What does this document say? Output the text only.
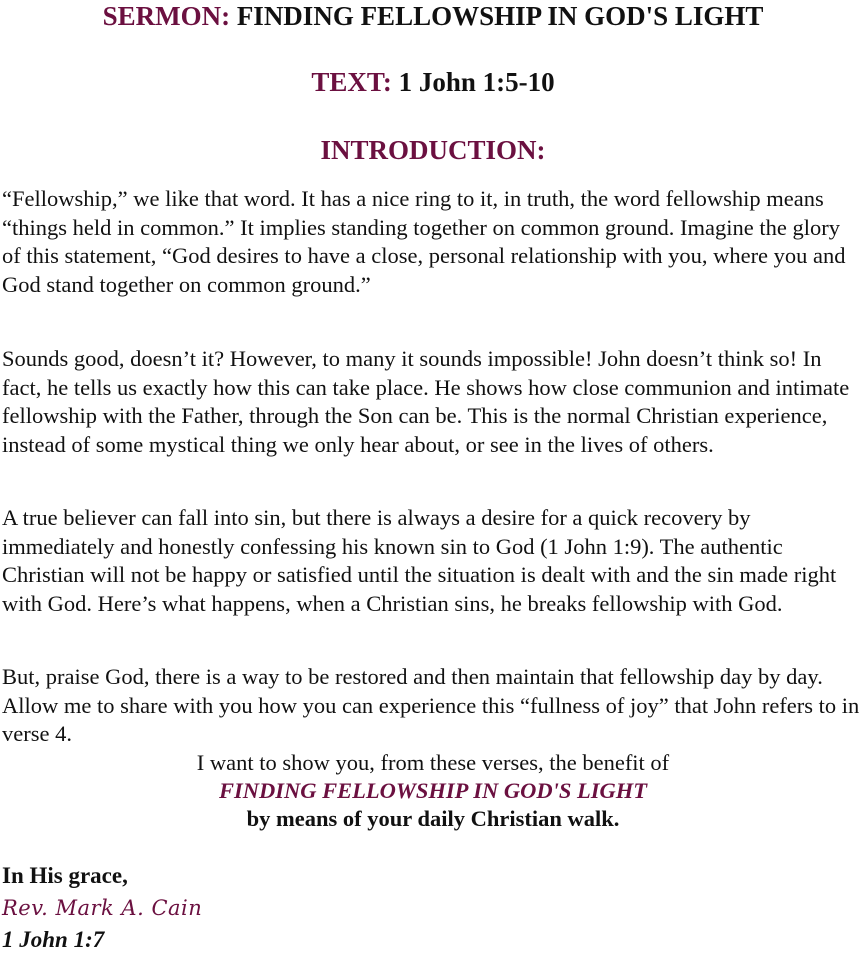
SERMON: FINDING FELLOWSHIP IN GOD'S LIGHT
TEXT: 1 John 1:5-10
INTRODUCTION:

“Fellowship,” we like that word. It has a nice ring to it, in truth, the word fellowship means “things held in common.” It implies standing together on common ground. Imagine the glory of this statement, “God desires to have a close, personal relationship with you, where you and God stand together on common ground.”

Sounds good, doesn’t it? However, to many it sounds impossible! John doesn’t think so! In fact, he tells us exactly how this can take place. He shows how close communion and intimate fellowship with the Father, through the Son can be. This is the normal Christian experience, instead of some mystical thing we only hear about, or see in the lives of others.

A true believer can fall into sin, but there is always a desire for a quick recovery by immediately and honestly confessing his known sin to God (1 John 1:9). The authentic Christian will not be happy or satisfied until the situation is dealt with and the sin made right with God. Here’s what happens, when a Christian sins, he breaks fellowship with God.

But, praise God, there is a way to be restored and then maintain that fellowship day by day. Allow me to share with you how you can experience this “fullness of joy” that John refers to in verse 4.

I want to show you, from these verses, the benefit of

FINDING FELLOWSHIP IN GOD'S LIGHT

by means of your daily Christian walk.

In His grace,

Rev. Mark A. Cain

1 John 1:7
